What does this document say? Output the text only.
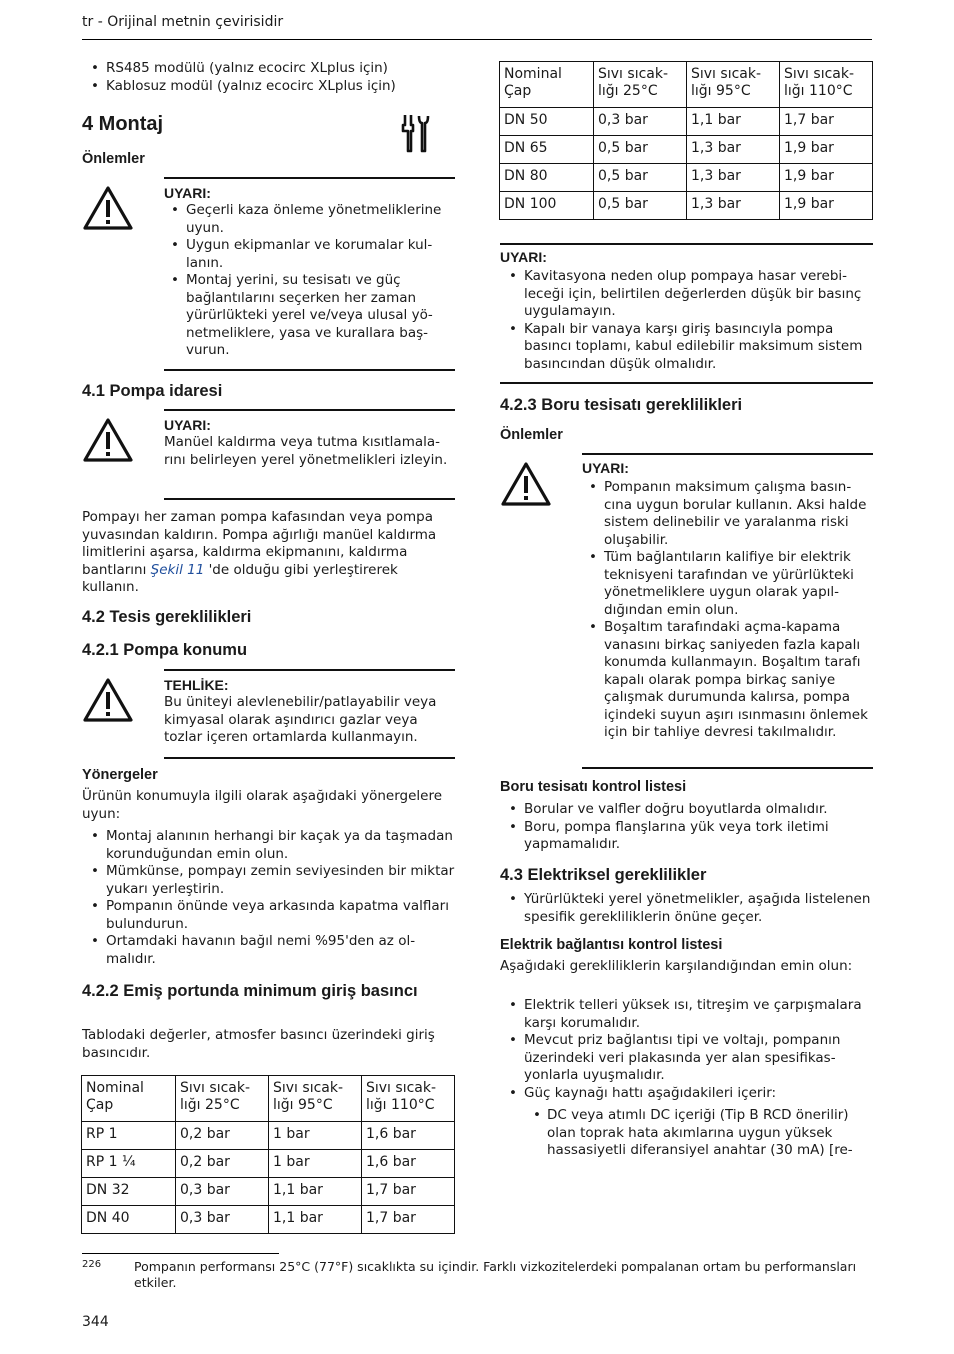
tr - Orijinal metnin çevirisidir
• RS485 modülü (yalnız ecocirc XLplus için)
• Kablosuz modül (yalnız ecocirc XLplus için)
4 Montaj
Önlemler
UYARI:
• Geçerli kaza önleme yönetmeliklerine uyun.
• Uygun ekipmanlar ve korumalar kullanın.
• Montaj yerini, su tesisatı ve güç bağlantılarını seçerken her zaman yürürlükteki yerel ve/veya ulusal yönetmeliklere, yasa ve kurallara başvurun.
4.1 Pompa idaresi
UYARI:
Manüel kaldırma veya tutma kısıtlamalarını belirleyen yerel yönetmelikleri izleyin.
Pompayı her zaman pompa kafasından veya pompa yuvasından kaldırın. Pompa ağırlığı manüel kaldırma limitlerini aşarsa, kaldırma ekipmanını, kaldırma bantlarını Şekil 11 'de olduğu gibi yerleştirerek kullanın.
4.2 Tesis gereklilikleri
4.2.1 Pompa konumu
TEHLİKE:
Bu üniteyi alevlenebilir/patlayabilir veya kimyasal olarak aşındırıcı gazlar veya tozlar içeren ortamlarda kullanmayın.
Yönergeler
Ürünün konumuyla ilgili olarak aşağıdaki yönergelere uyun:
• Montaj alanının herhangi bir kaçak ya da taşmadan korunduğundan emin olun.
• Mümkünse, pompayı zemin seviyesinden bir miktar yukarı yerleştirin.
• Pompanın önünde veya arkasında kapatma valfları bulundurun.
• Ortamdaki havanın bağıl nemi %95'den az olmalıdır.
4.2.2 Emiş portunda minimum giriş basıncı
Tablodaki değerler, atmosfer basıncı üzerindeki giriş basıncıdır.
Nominal Çap	Sıvı sıcaklığı 25°C	Sıvı sıcaklığı 95°C	Sıvı sıcaklığı 110°C
RP 1	0,2 bar	1 bar	1,6 bar
RP 1 ¼	0,2 bar	1 bar	1,6 bar
DN 32	0,3 bar	1,1 bar	1,7 bar
DN 40	0,3 bar	1,1 bar	1,7 bar
Nominal Çap	Sıvı sıcaklığı 25°C	Sıvı sıcaklığı 95°C	Sıvı sıcaklığı 110°C
DN 50	0,3 bar	1,1 bar	1,7 bar
DN 65	0,5 bar	1,3 bar	1,9 bar
DN 80	0,5 bar	1,3 bar	1,9 bar
DN 100	0,5 bar	1,3 bar	1,9 bar
UYARI:
• Kavitasyona neden olup pompaya hasar verebileceği için, belirtilen değerlerden düşük bir basınç uygulamayın.
• Kapalı bir vanaya karşı giriş basıncıyla pompa basıncı toplamı, kabul edilebilir maksimum sistem basıncından düşük olmalıdır.
4.2.3 Boru tesisatı gereklilikleri
Önlemler
UYARI:
• Pompanın maksimum çalışma basıncına uygun borular kullanın. Aksi halde sistem delinebilir ve yaralanma riski oluşabilir.
• Tüm bağlantıların kalifiye bir elektrik teknisyeni tarafından ve yürürlükteki yönetmeliklere uygun olarak yapıldığından emin olun.
• Boşaltım tarafındaki açma-kapama vanasını birkaç saniyeden fazla kapalı konumda kullanmayın. Boşaltım tarafı kapalı olarak pompa birkaç saniye çalışmak durumunda kalırsa, pompa içindeki suyun aşırı ısınmasını önlemek için bir tahliye devresi takılmalıdır.
Boru tesisatı kontrol listesi
• Borular ve valfler doğru boyutlarda olmalıdır.
• Boru, pompa flanşlarına yük veya tork iletimi yapmamalıdır.
4.3 Elektriksel gereklilikler
• Yürürlükteki yerel yönetmelikler, aşağıda listelenen spesifik gerekliliklerin önüne geçer.
Elektrik bağlantısı kontrol listesi
Aşağıdaki gerekliliklerin karşılandığından emin olun:
• Elektrik telleri yüksek ısı, titreşim ve çarpışmalara karşı korumalıdır.
• Mevcut priz bağlantısı tipi ve voltajı, pompanın üzerindeki veri plakasında yer alan spesifikasyonlarla uyuşmalıdır.
• Güç kaynağı hattı aşağıdakileri içerir:
• DC veya atımlı DC içeriği (Tip B RCD önerilir) olan toprak hata akımlarına uygun yüksek hassasiyetli diferansiyel anahtar (30 mA) [re-
226	Pompanın performansı 25°C (77°F) sıcaklıkta su içindir. Farklı vizkozitelerdeki pompalanan ortam bu performansları etkiler.
344
